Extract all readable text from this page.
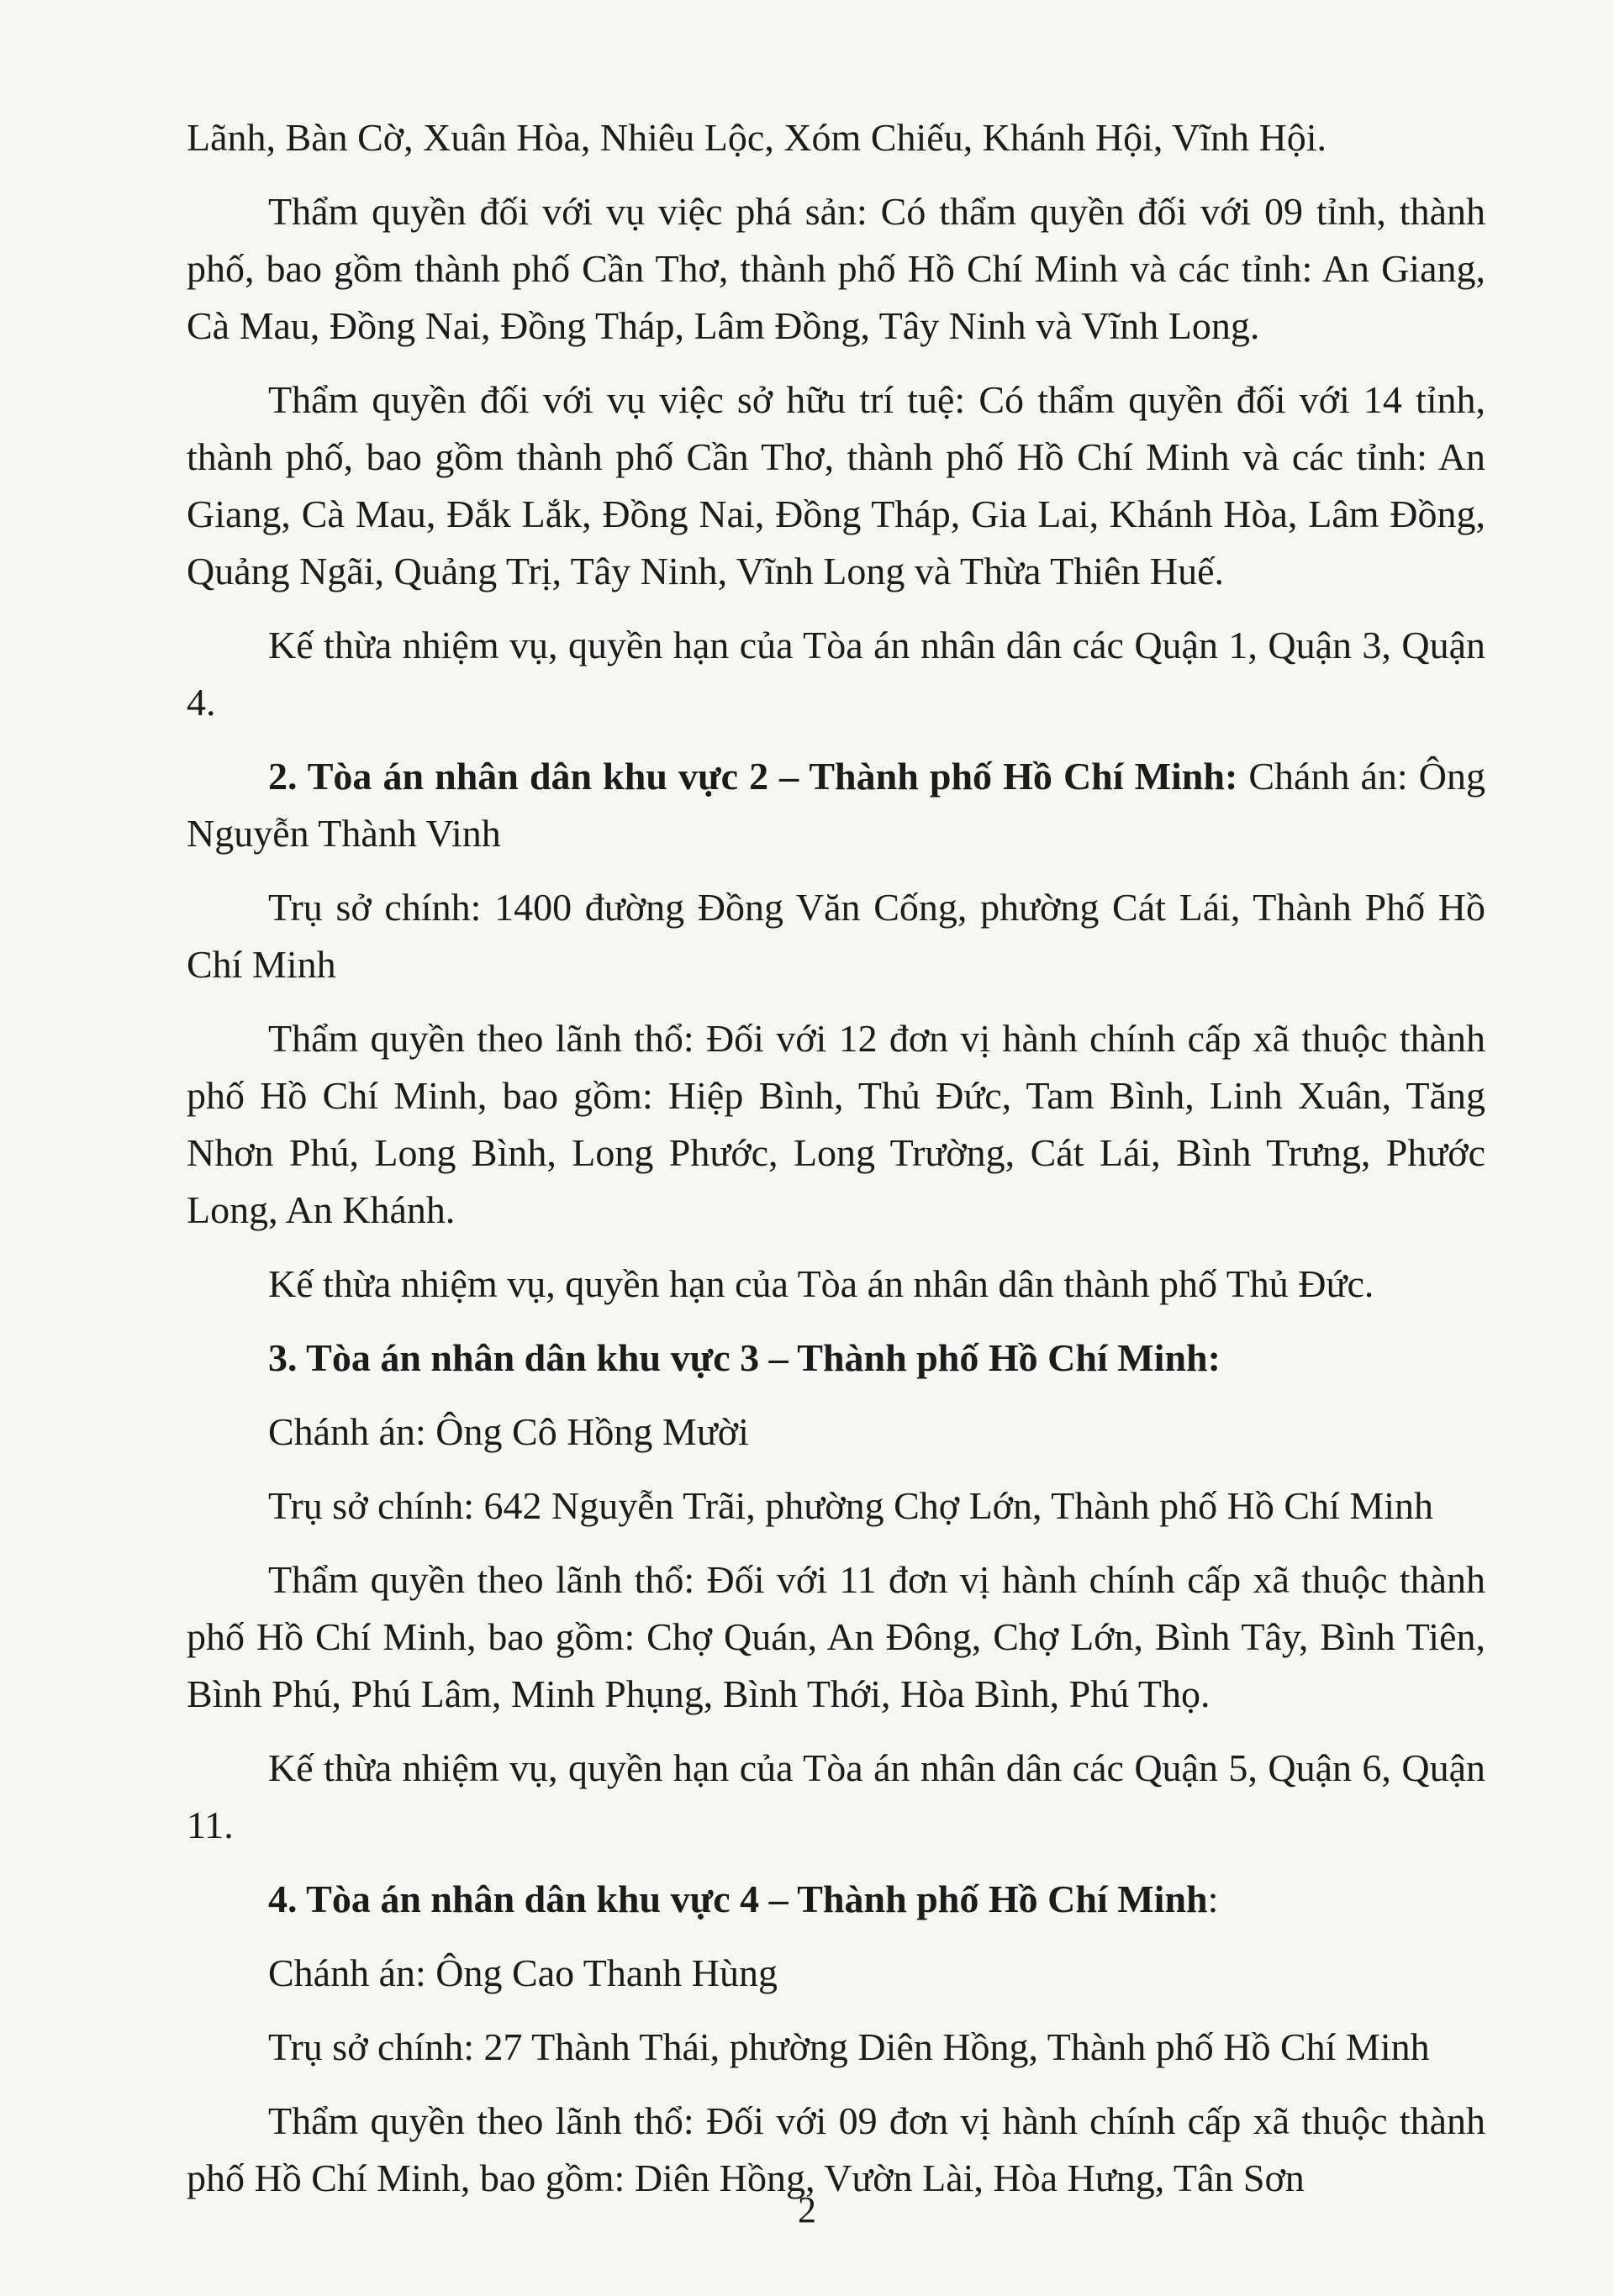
Lãnh, Bàn Cờ, Xuân Hòa, Nhiêu Lộc, Xóm Chiếu, Khánh Hội, Vĩnh Hội.

Thẩm quyền đối với vụ việc phá sản: Có thẩm quyền đối với 09 tỉnh, thành phố, bao gồm thành phố Cần Thơ, thành phố Hồ Chí Minh và các tỉnh: An Giang, Cà Mau, Đồng Nai, Đồng Tháp, Lâm Đồng, Tây Ninh và Vĩnh Long.

Thẩm quyền đối với vụ việc sở hữu trí tuệ: Có thẩm quyền đối với 14 tỉnh, thành phố, bao gồm thành phố Cần Thơ, thành phố Hồ Chí Minh và các tỉnh: An Giang, Cà Mau, Đắk Lắk, Đồng Nai, Đồng Tháp, Gia Lai, Khánh Hòa, Lâm Đồng, Quảng Ngãi, Quảng Trị, Tây Ninh, Vĩnh Long và Thừa Thiên Huế.

Kế thừa nhiệm vụ, quyền hạn của Tòa án nhân dân các Quận 1, Quận 3, Quận 4.

2. Tòa án nhân dân khu vực 2 – Thành phố Hồ Chí Minh: Chánh án: Ông Nguyễn Thành Vinh

Trụ sở chính: 1400 đường Đồng Văn Cống, phường Cát Lái, Thành Phố Hồ Chí Minh

Thẩm quyền theo lãnh thổ: Đối với 12 đơn vị hành chính cấp xã thuộc thành phố Hồ Chí Minh, bao gồm: Hiệp Bình, Thủ Đức, Tam Bình, Linh Xuân, Tăng Nhơn Phú, Long Bình, Long Phước, Long Trường, Cát Lái, Bình Trưng, Phước Long, An Khánh.

Kế thừa nhiệm vụ, quyền hạn của Tòa án nhân dân thành phố Thủ Đức.

3. Tòa án nhân dân khu vực 3 – Thành phố Hồ Chí Minh:

Chánh án: Ông Cô Hồng Mười

Trụ sở chính: 642 Nguyễn Trãi, phường Chợ Lớn, Thành phố Hồ Chí Minh

Thẩm quyền theo lãnh thổ: Đối với 11 đơn vị hành chính cấp xã thuộc thành phố Hồ Chí Minh, bao gồm: Chợ Quán, An Đông, Chợ Lớn, Bình Tây, Bình Tiên, Bình Phú, Phú Lâm, Minh Phụng, Bình Thới, Hòa Bình, Phú Thọ.

Kế thừa nhiệm vụ, quyền hạn của Tòa án nhân dân các Quận 5, Quận 6, Quận 11.

4. Tòa án nhân dân khu vực 4 – Thành phố Hồ Chí Minh:

Chánh án: Ông Cao Thanh Hùng

Trụ sở chính: 27 Thành Thái, phường Diên Hồng, Thành phố Hồ Chí Minh

Thẩm quyền theo lãnh thổ: Đối với 09 đơn vị hành chính cấp xã thuộc thành phố Hồ Chí Minh, bao gồm: Diên Hồng, Vườn Lài, Hòa Hưng, Tân Sơn

2
